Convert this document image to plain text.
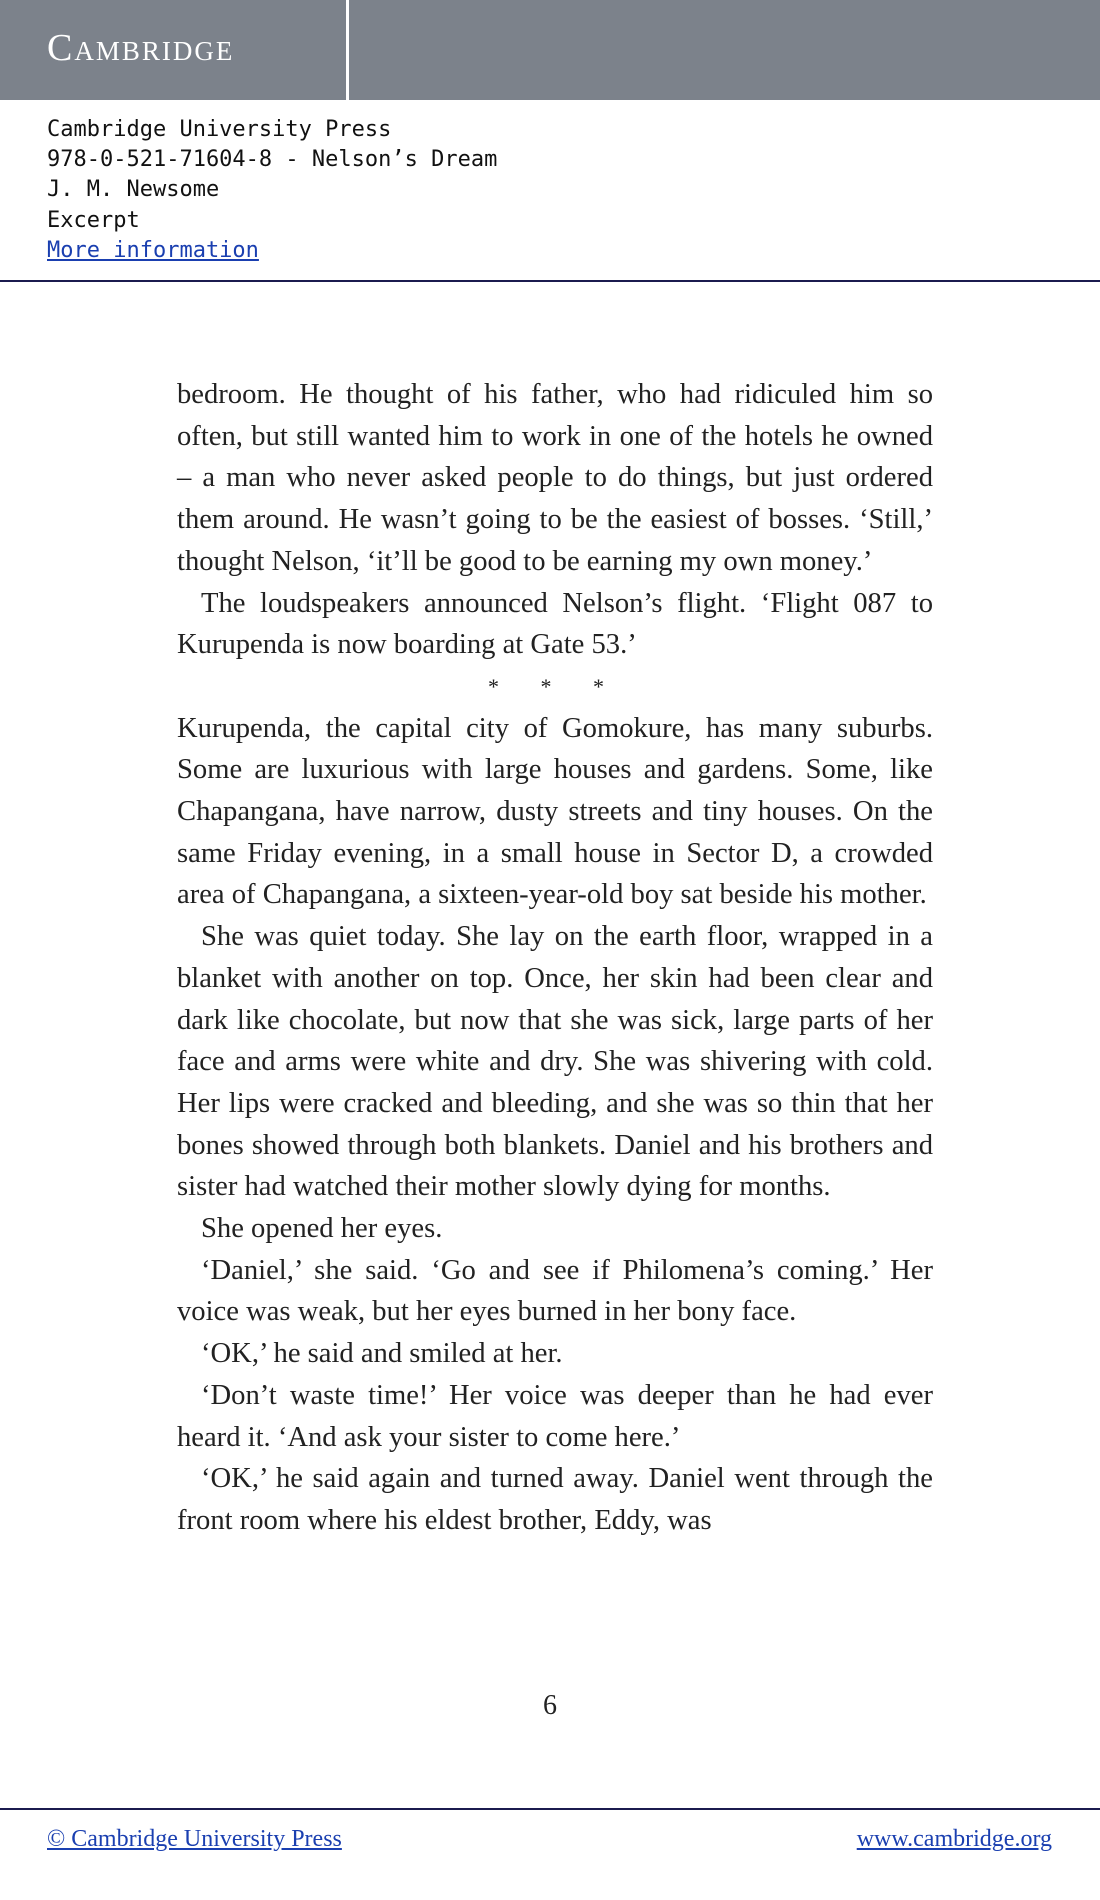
Cambridge
Cambridge University Press
978-0-521-71604-8 - Nelson’s Dream
J. M. Newsome
Excerpt
More information

bedroom. He thought of his father, who had ridiculed him so often, but still wanted him to work in one of the hotels he owned – a man who never asked people to do things, but just ordered them around. He wasn’t going to be the easiest of bosses. ‘Still,’ thought Nelson, ‘it’ll be good to be earning my own money.’

The loudspeakers announced Nelson’s flight. ‘Flight 087 to Kurupenda is now boarding at Gate 53.’

* * *

Kurupenda, the capital city of Gomokure, has many suburbs. Some are luxurious with large houses and gardens. Some, like Chapangana, have narrow, dusty streets and tiny houses. On the same Friday evening, in a small house in Sector D, a crowded area of Chapangana, a sixteen-year-old boy sat beside his mother.

She was quiet today. She lay on the earth floor, wrapped in a blanket with another on top. Once, her skin had been clear and dark like chocolate, but now that she was sick, large parts of her face and arms were white and dry. She was shivering with cold. Her lips were cracked and bleeding, and she was so thin that her bones showed through both blankets. Daniel and his brothers and sister had watched their mother slowly dying for months.

She opened her eyes.

‘Daniel,’ she said. ‘Go and see if Philomena’s coming.’ Her voice was weak, but her eyes burned in her bony face.

‘OK,’ he said and smiled at her.

‘Don’t waste time!’ Her voice was deeper than he had ever heard it. ‘And ask your sister to come here.’

‘OK,’ he said again and turned away. Daniel went through the front room where his eldest brother, Eddy, was

6
© Cambridge University Press	www.cambridge.org
